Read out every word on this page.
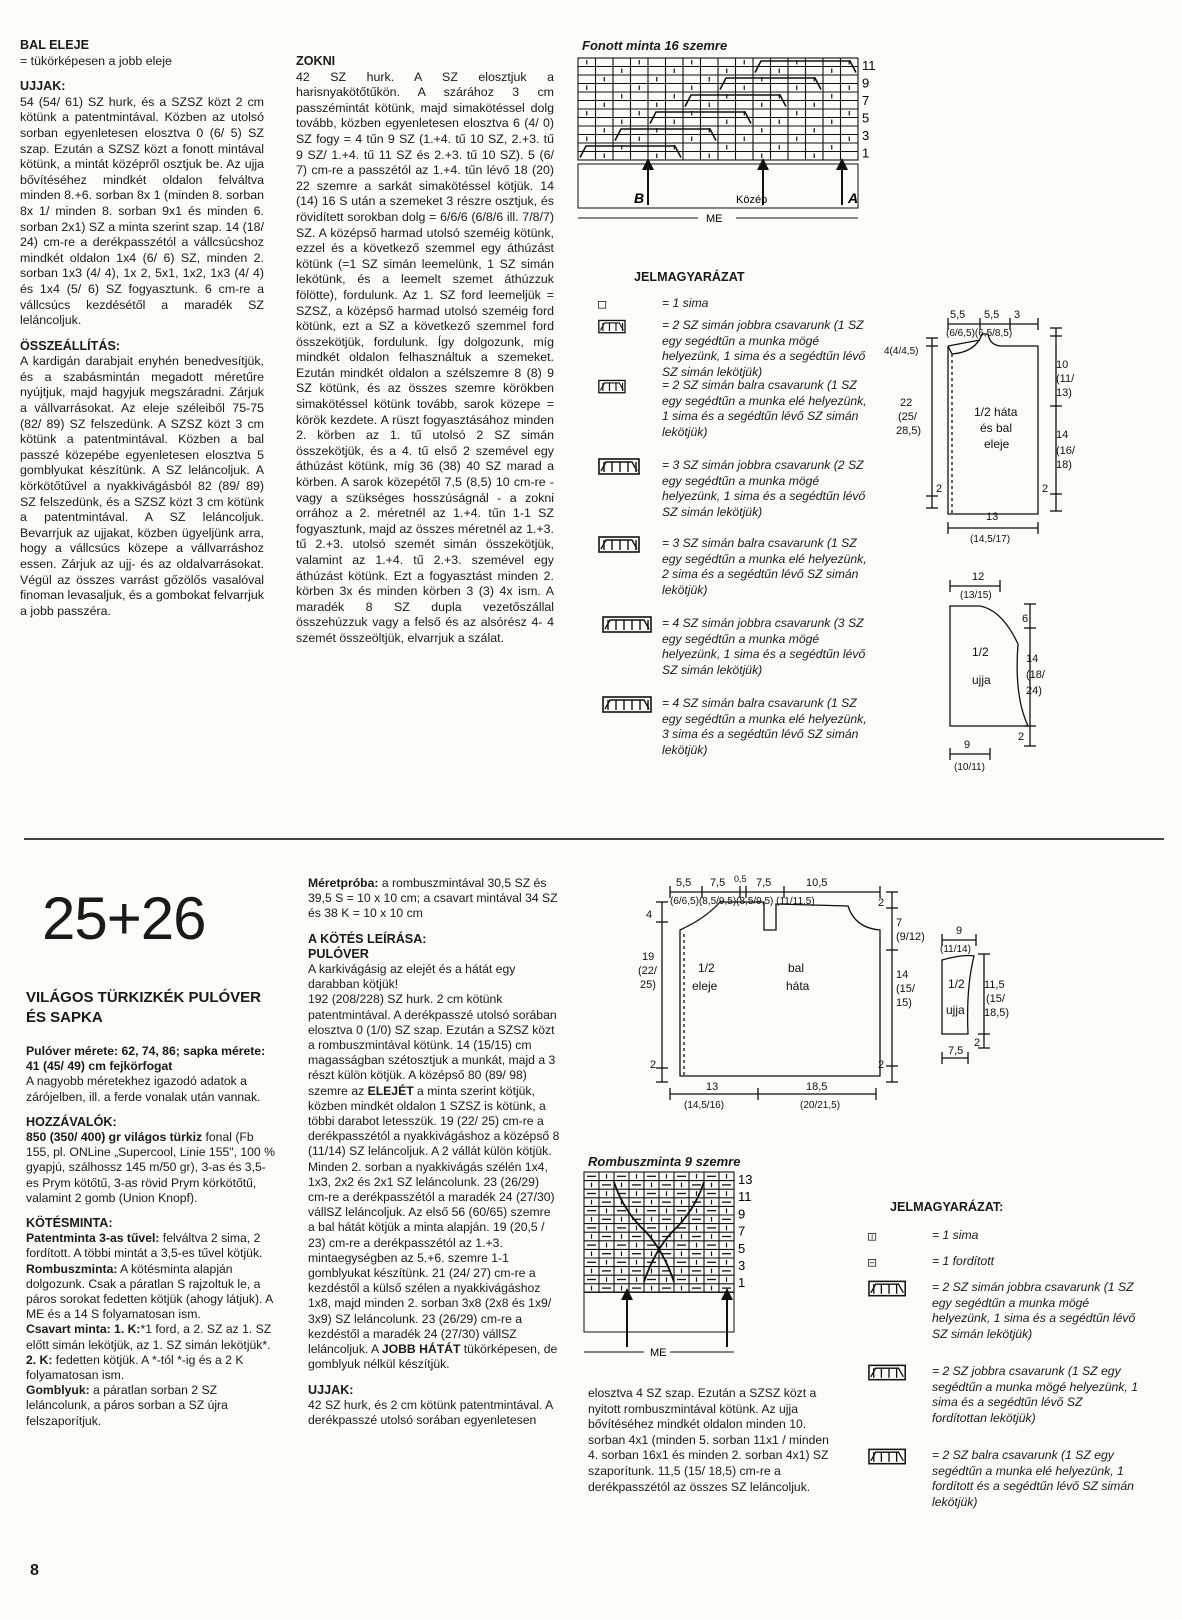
BAL ELEJE

= tükörképesen a jobb eleje

UJJAK:

54 (54/ 61) SZ hurk, és a SZSZ közt 2 cm kötünk a patentmintával. Közben az utolsó sorban egyenletesen elosztva 0 (6/ 5) SZ szap. Ezután a SZSZ közt a fonott mintával kötünk, a mintát középről osztjuk be. Az ujja bővítéséhez mindkét oldalon felváltva minden 8.+6. sorban 8x 1 (minden 8. sorban 8x 1/ minden 8. sorban 9x1 és minden 6. sorban 2x1) SZ a minta szerint szap. 14 (18/ 24) cm-re a derékpasszétól a vállcsúcshoz mindkét oldalon 1x4 (6/ 6) SZ, minden 2. sorban 1x3 (4/ 4), 1x 2, 5x1, 1x2, 1x3 (4/ 4) és 1x4 (5/ 6) SZ fogyasztunk. 6 cm-re a vállcsúcs kezdésétől a maradék SZ leláncoljuk.

ÖSSZEÁLLÍTÁS:

A kardigán darabjait enyhén benedvesítjük, és a szabásmintán megadott méretűre nyújtjuk, majd hagyjuk megszáradni. Zárjuk a vállvarrásokat. Az eleje széleiből 75-75 (82/ 89) SZ felszedünk. A SZSZ közt 3 cm kötünk a patentmintával. Közben a bal passzé közepébe egyenletesen elosztva 5 gomblyukat készítünk. A SZ leláncoljuk. A körkötőtűvel a nyakkivágásból 82 (89/ 89) SZ felszedünk, és a SZSZ közt 3 cm kötünk a patentmintával. A SZ leláncoljuk. Bevarrjuk az ujjakat, közben ügyeljünk arra, hogy a vállcsúcs közepe a vállvarráshoz essen. Zárjuk az ujj- és az oldalvarrásokat. Végül az összes varrást gőzölős vasalóval finoman levasaljuk, és a gombokat felvarrjuk a jobb passzéra.

ZOKNI

42 SZ hurk. A SZ elosztjuk a harisnyakötőtűkön. A szárához 3 cm passzémintát kötünk, majd simakötéssel dolg tovább, közben egyenletesen elosztva 6 (4/ 0) SZ fogy = 4 tűn 9 SZ (1.+4. tű 10 SZ, 2.+3. tű 9 SZ/ 1.+4. tű 11 SZ és 2.+3. tű 10 SZ). 5 (6/ 7) cm-re a passzétól az 1.+4. tűn lévő 18 (20) 22 szemre a sarkát simakötéssel kötjük. 14 (14) 16 S után a szemeket 3 részre osztjuk, és rövidített sorokban dolg = 6/6/6 (6/8/6 ill. 7/8/7) SZ. A középső harmad utolsó szeméig kötünk, ezzel és a következő szemmel egy áthúzást kötünk (=1 SZ simán leemelünk, 1 SZ simán lekötünk, és a leemelt szemet áthúzzuk fölötte), fordulunk. Az 1. SZ ford leemeljük = SZSZ, a középső harmad utolsó szeméig ford kötünk, ezt a SZ a következő szemmel ford összekötjük, fordulunk. Így dolgozunk, míg mindkét oldalon felhasználtuk a szemeket. Ezután mindkét oldalon a szélszemre 8 (8) 9 SZ kötünk, és az összes szemre körökben simakötéssel kötünk tovább, sarok közepe = körök kezdete. A rüszt fogyasztásához minden 2. körben az 1. tű utolsó 2 SZ simán összekötjük, és a 4. tű első 2 szemével egy áthúzást kötünk, míg 36 (38) 40 SZ marad a körben. A sarok közepétől 7,5 (8,5) 10 cm-re - vagy a szükséges hosszúságnál - a zokni orrához a 2. méretnél az 1.+4. tűn 1-1 SZ fogyasztunk, majd az összes méretnél az 1.+3. tű 2.+3. utolsó szemét simán összekötjük, valamint az 1.+4. tű 2.+3. szemével egy áthúzást kötünk. Ezt a fogyasztást minden 2. körben 3x és minden körben 3 (3) 4x ism. A maradék 8 SZ dupla vezetőszállal összehúzzuk vagy a felső és az alsórész 4- 4 szemét összeöltjük, elvarrjuk a szálat.

Fonott minta 16 szemre
11
9
7
5
3
1
B	Közép	A
ME
JELMAGYARÁZAT
= 1 sima
= 2 SZ simán jobbra csavarunk (1 SZ egy segédtűn a munka mögé helyezünk, 1 sima és a segédtűn lévő SZ simán lekötjük)
= 2 SZ simán balra csavarunk (1 SZ egy segédtűn a munka elé helyezünk, 1 sima és a segédtűn lévő SZ simán lekötjük)
= 3 SZ simán jobbra csavarunk (2 SZ egy segédtűn a munka mögé helyezünk, 1 sima és a segédtűn lévő SZ simán lekötjük)
= 3 SZ simán balra csavarunk (1 SZ egy segédtűn a munka elé helyezünk, 2 sima és a segédtűn lévő SZ simán lekötjük)
= 4 SZ simán jobbra csavarunk (3 SZ egy segédtűn a munka mögé helyezünk, 1 sima és a segédtűn lévő SZ simán lekötjük)
= 4 SZ simán balra csavarunk (1 SZ egy segédtűn a munka elé helyezünk, 3 sima és a segédtűn lévő SZ simán lekötjük)
5,5 5,5 3
(6/6,5)(6,5/8,5)
4(4/4,5)
22
(25/
28,5)
2
1/2 háta
és bal
eleje
10
(11/
13)
14
(16/
18)
2
13
(14,5/17)
12
(13/15)
1/2
ujja
6
14
(18/
24)
2
9
(10/11)
25+26

VILÁGOS TÜRKIZKÉK PULÓVER

ÉS SAPKA

Pulóver mérete: 62, 74, 86; sapka mérete: 41 (45/ 49) cm fejkörfogat

A nagyobb méretekhez igazodó adatok a zárójelben, ill. a ferde vonalak után vannak.

HOZZÁVALÓK:

850 (350/ 400) gr világos türkiz fonal (Fb 155, pl. ONLine „Supercool, Linie 155", 100 % gyapjú, szálhossz 145 m/50 gr), 3-as és 3,5-es Prym kötőtű, 3-as rövid Prym körkötőtű, valamint 2 gomb (Union Knopf).

KÖTÉSMINTA:

Patentminta 3-as tűvel: felváltva 2 sima, 2 fordított. A többi mintát a 3,5-es tűvel kötjük.

Rombuszminta: A kötésminta alapján dolgozunk. Csak a páratlan S rajzoltuk le, a páros sorokat fedetten kötjük (ahogy látjuk). A ME és a 14 S folyamatosan ism.

Csavart minta: 1. K:*1 ford, a 2. SZ az 1. SZ előtt simán lekötjük, az 1. SZ simán lekötjük*. 2. K: fedetten kötjük. A *-tól *-ig és a 2 K folyamatosan ism.

Gomblyuk: a páratlan sorban 2 SZ leláncolunk, a páros sorban a SZ újra felszaporítjuk.

Méretpróba: a rombuszmintával 30,5 SZ és 39,5 S = 10 x 10 cm; a csavart mintával 34 SZ és 38 K = 10 x 10 cm

A KÖTÉS LEÍRÁSA:
PULÓVER

A karkivágásig az elejét és a hátát egy darabban kötjük!

192 (208/228) SZ hurk. 2 cm kötünk patentmintával. A derékpasszé utolsó sorában elosztva 0 (1/0) SZ szap. Ezután a SZSZ közt a rombuszmintával kötünk. 14 (15/15) cm magasságban szétosztjuk a munkát, majd a 3 részt külön kötjük. A középső 80 (89/ 98) szemre az ELEJÉT a minta szerint kötjük, közben mindkét oldalon 1 SZSZ is kötünk, a többi darabot letesszük. 19 (22/ 25) cm-re a derékpasszétól a nyakkivágáshoz a középső 8 (11/14) SZ leláncoljuk. A 2 vállát külön kötjük. Minden 2. sorban a nyakkivágás szélén 1x4, 1x3, 2x2 és 2x1 SZ leláncolunk. 23 (26/29) cm-re a derékpasszétól a maradék 24 (27/30) vállSZ leláncoljuk. Az első 56 (60/65) szemre a bal hátát kötjük a minta alapján. 19 (20,5 / 23) cm-re a derékpasszétól az 1.+3. mintaegységben az 5.+6. szemre 1-1 gomblyukat készítünk. 21 (24/ 27) cm-re a kezdéstől a külső szélen a nyakkivágáshoz 1x8, majd minden 2. sorban 3x8 (2x8 és 1x9/ 3x9) SZ leláncolunk. 23 (26/29) cm-re a kezdéstől a maradék 24 (27/30) vállSZ leláncoljuk. A JOBB HÁTÁT tükörképesen, de gomblyuk nélkül készítjük.

UJJAK:

42 SZ hurk, és 2 cm kötünk patentmintával. A derékpasszé utolsó sorában egyenletesen

5,5 7,5 0,5 7,5	10,5
(6/6,5)(8,5/9,5)(8,5/9,5) (11/11,5)
1/2
eleje
bal
háta
4
19
(22/
25)
2
2
7
(9/12)
14
(15/
15)
2
13	18,5
(14,5/16)	(20/21,5)
9
(11/14)
1/2
ujja
11,5
(15/
18,5)
2
7,5
Rombuszminta 9 szemre
13
11
9
7
5
3
1
ME

elosztva 4 SZ szap. Ezután a SZSZ közt a nyitott rombuszmintával kötünk. Az ujja bővítéséhez mindkét oldalon minden 10. sorban 4x1 (minden 5. sorban 11x1 / minden 4. sorban 16x1 és minden 2. sorban 4x1) SZ szaporítunk. 11,5 (15/ 18,5) cm-re a derékpasszétól az összes SZ leláncoljuk.

JELMAGYARÁZAT:
= 1 sima
= 1 fordított
= 2 SZ simán jobbra csavarunk (1 SZ egy segédtűn a munka mögé helyezünk, 1 sima és a segédtűn lévő SZ simán lekötjük)
= 2 SZ jobbra csavarunk (1 SZ egy segédtűn a munka mögé helyezünk, 1 sima és a segédtűn lévő SZ fordítottan lekötjük)
= 2 SZ balra csavarunk (1 SZ egy segédtűn a munka elé helyezünk, 1 fordított és a segédtűn lévő SZ simán lekötjük)
8
